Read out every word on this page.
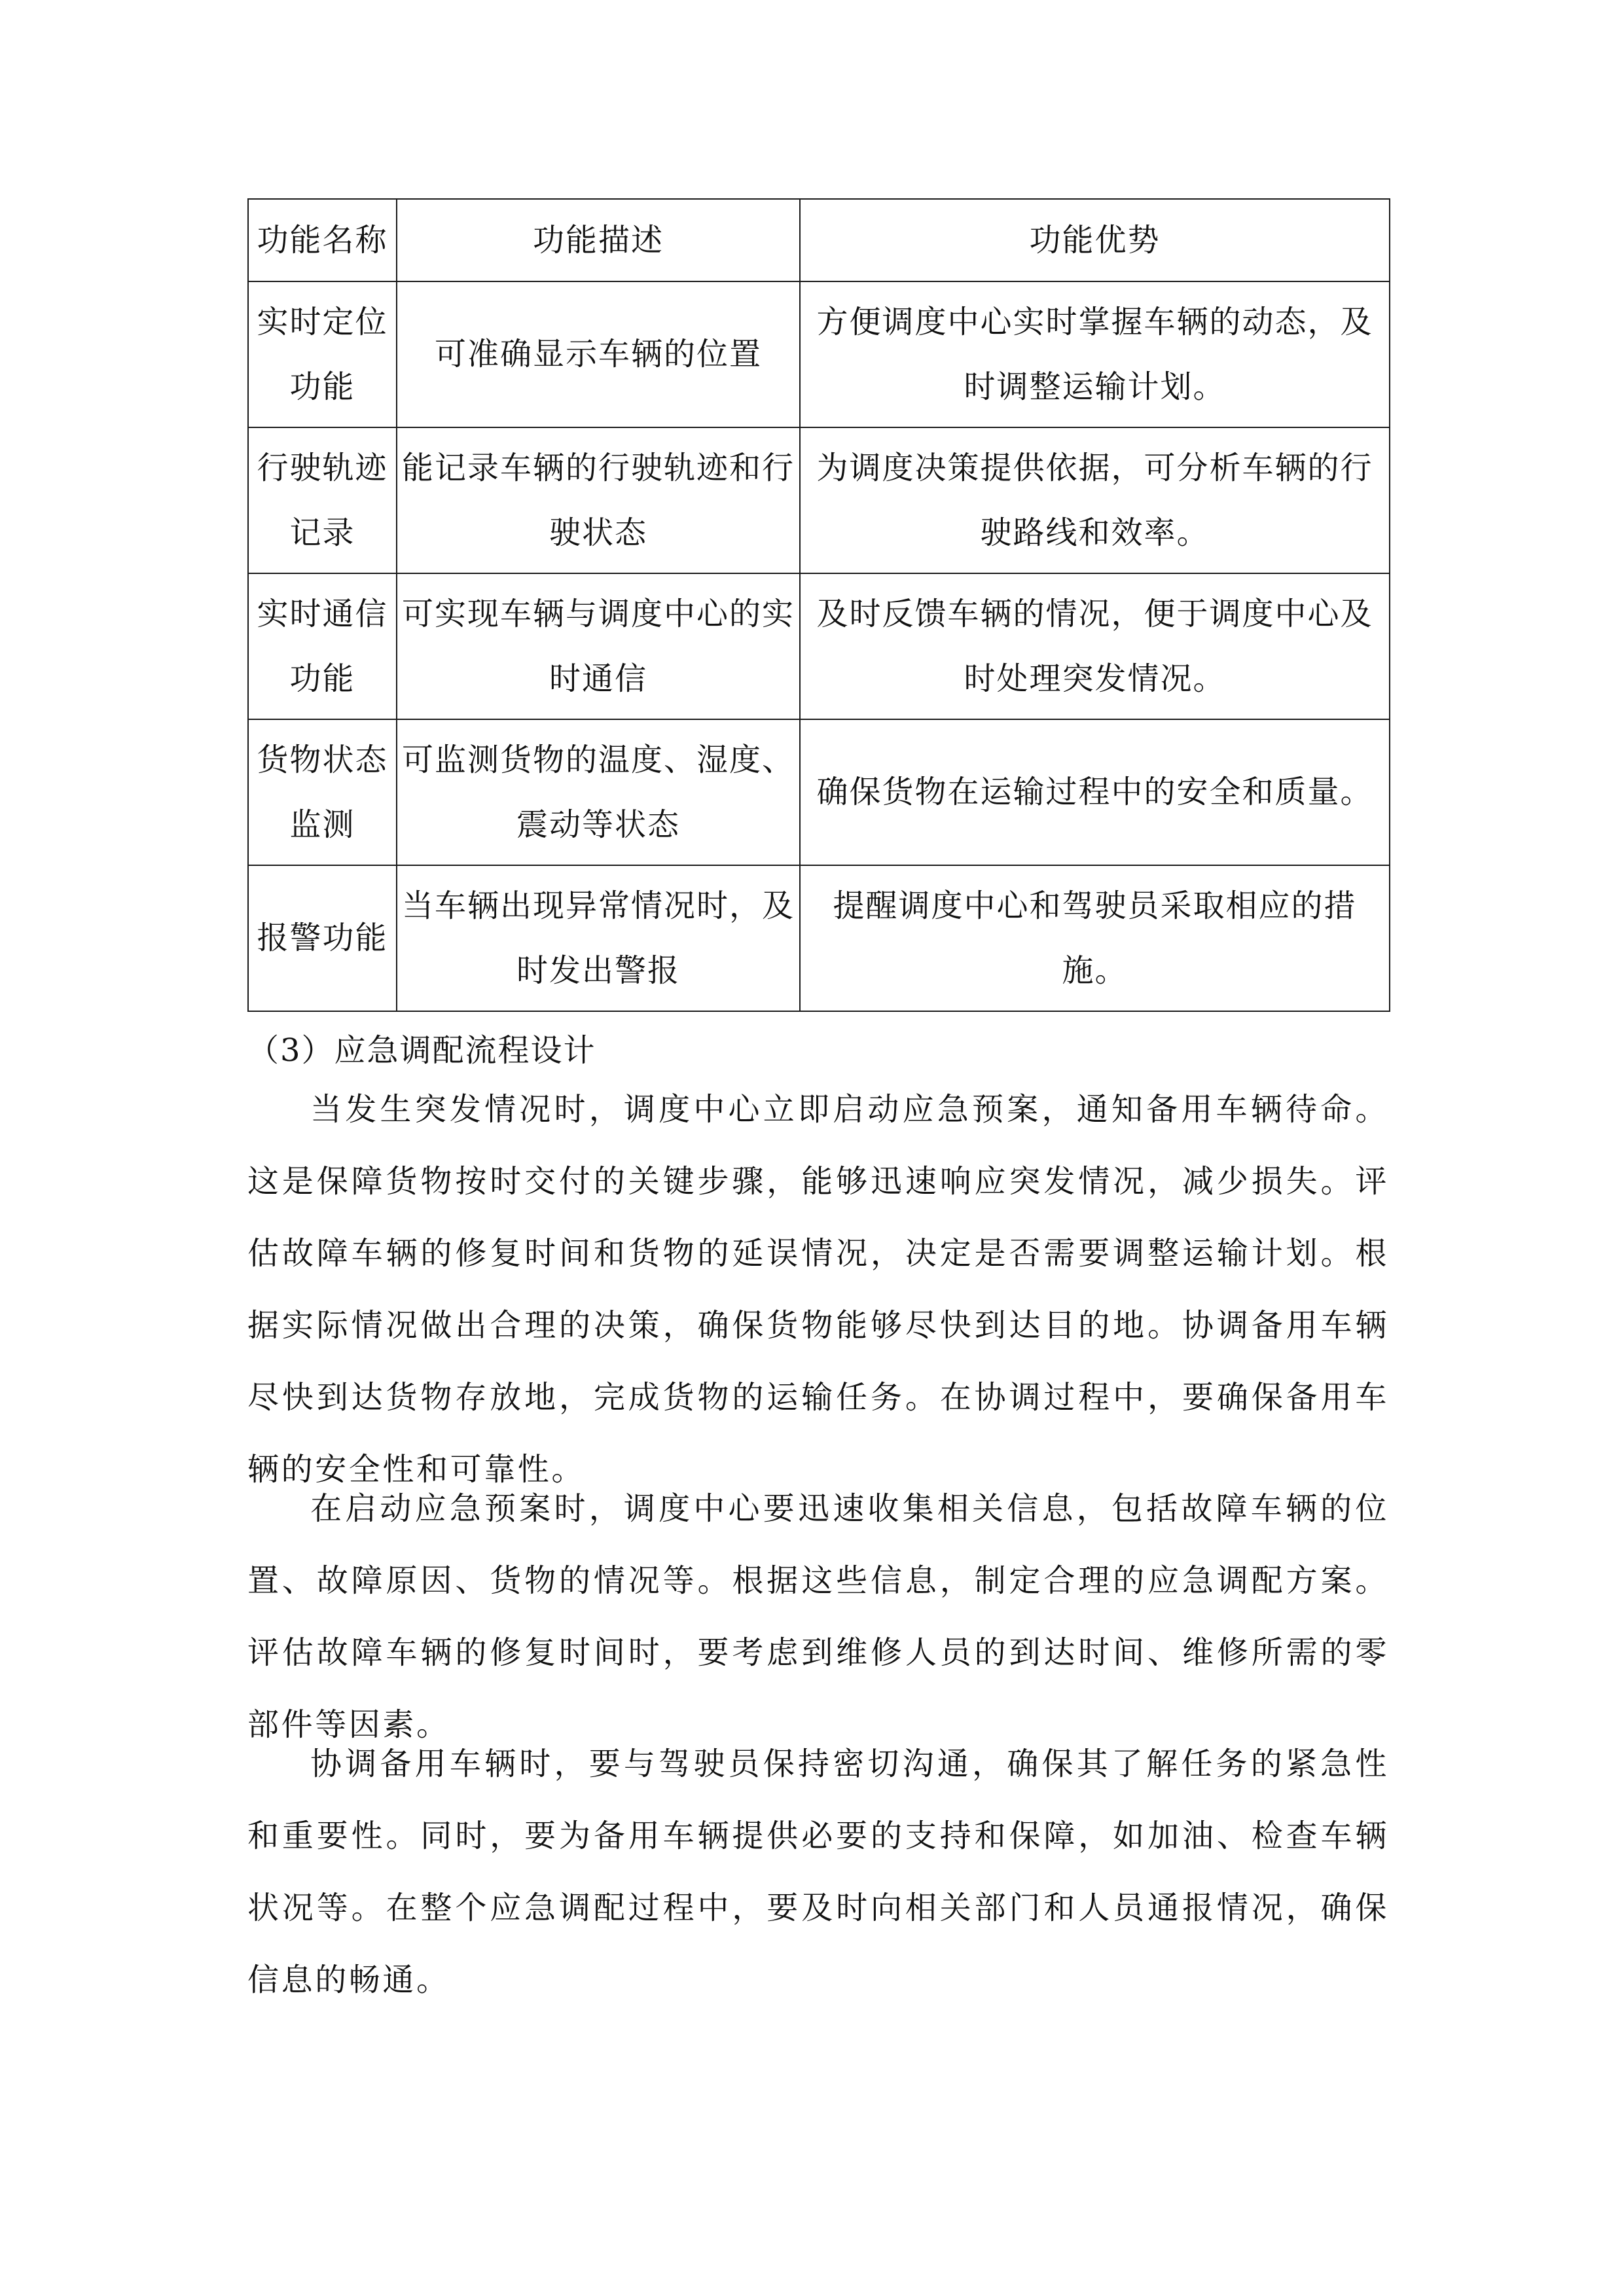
功能名称	功能描述	功能优势
实时定位功能	可准确显示车辆的位置	方便调度中心实时掌握车辆的动态，及时调整运输计划。
行驶轨迹记录	能记录车辆的行驶轨迹和行驶状态	为调度决策提供依据，可分析车辆的行驶路线和效率。
实时通信功能	可实现车辆与调度中心的实时通信	及时反馈车辆的情况，便于调度中心及时处理突发情况。
货物状态监测	可监测货物的温度、湿度、震动等状态	确保货物在运输过程中的安全和质量。
报警功能	当车辆出现异常情况时，及时发出警报	提醒调度中心和驾驶员采取相应的措施。
（3）应急调配流程设计

当发生突发情况时，调度中心立即启动应急预案，通知备用车辆待命。这是保障货物按时交付的关键步骤，能够迅速响应突发情况，减少损失。评估故障车辆的修复时间和货物的延误情况，决定是否需要调整运输计划。根据实际情况做出合理的决策，确保货物能够尽快到达目的地。协调备用车辆尽快到达货物存放地，完成货物的运输任务。在协调过程中，要确保备用车辆的安全性和可靠性。

在启动应急预案时，调度中心要迅速收集相关信息，包括故障车辆的位置、故障原因、货物的情况等。根据这些信息，制定合理的应急调配方案。评估故障车辆的修复时间时，要考虑到维修人员的到达时间、维修所需的零部件等因素。

协调备用车辆时，要与驾驶员保持密切沟通，确保其了解任务的紧急性和重要性。同时，要为备用车辆提供必要的支持和保障，如加油、检查车辆状况等。在整个应急调配过程中，要及时向相关部门和人员通报情况，确保信息的畅通。
